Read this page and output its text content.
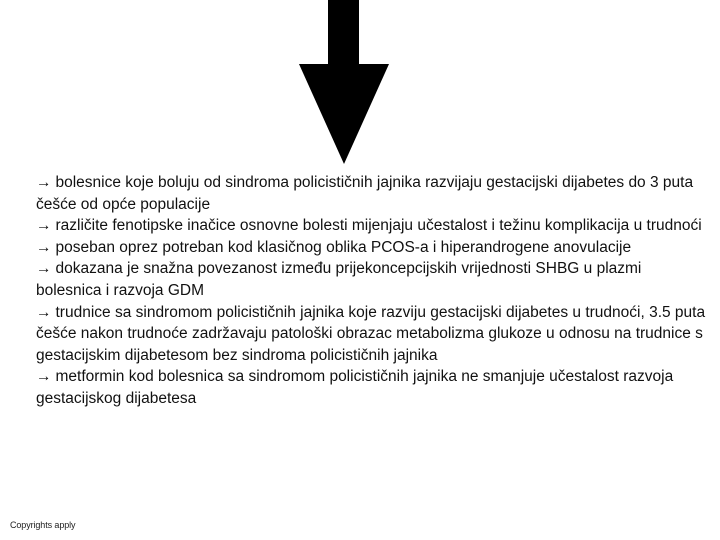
→ bolesnice koje boluju od sindroma policističnih jajnika razvijaju gestacijski dijabetes do 3 puta češće od opće populacije

→ različite fenotipske inačice osnovne bolesti mijenjaju učestalost i težinu komplikacija u trudnoći

→ poseban oprez potreban kod klasičnog oblika PCOS-a i hiperandrogene anovulacije

→ dokazana je snažna povezanost između prijekoncepcijskih vrijednosti SHBG u plazmi bolesnica i razvoja GDM

→ trudnice sa sindromom policističnih jajnika koje razviju gestacijski dijabetes u trudnoći, 3.5 puta češće nakon trudnoće zadržavaju patološki obrazac metabolizma glukoze u odnosu na trudnice s gestacijskim dijabetesom bez sindroma policističnih jajnika

→ metformin kod bolesnica sa sindromom policističnih jajnika ne smanjuje učestalost razvoja gestacijskog dijabetesa

Copyrights apply
